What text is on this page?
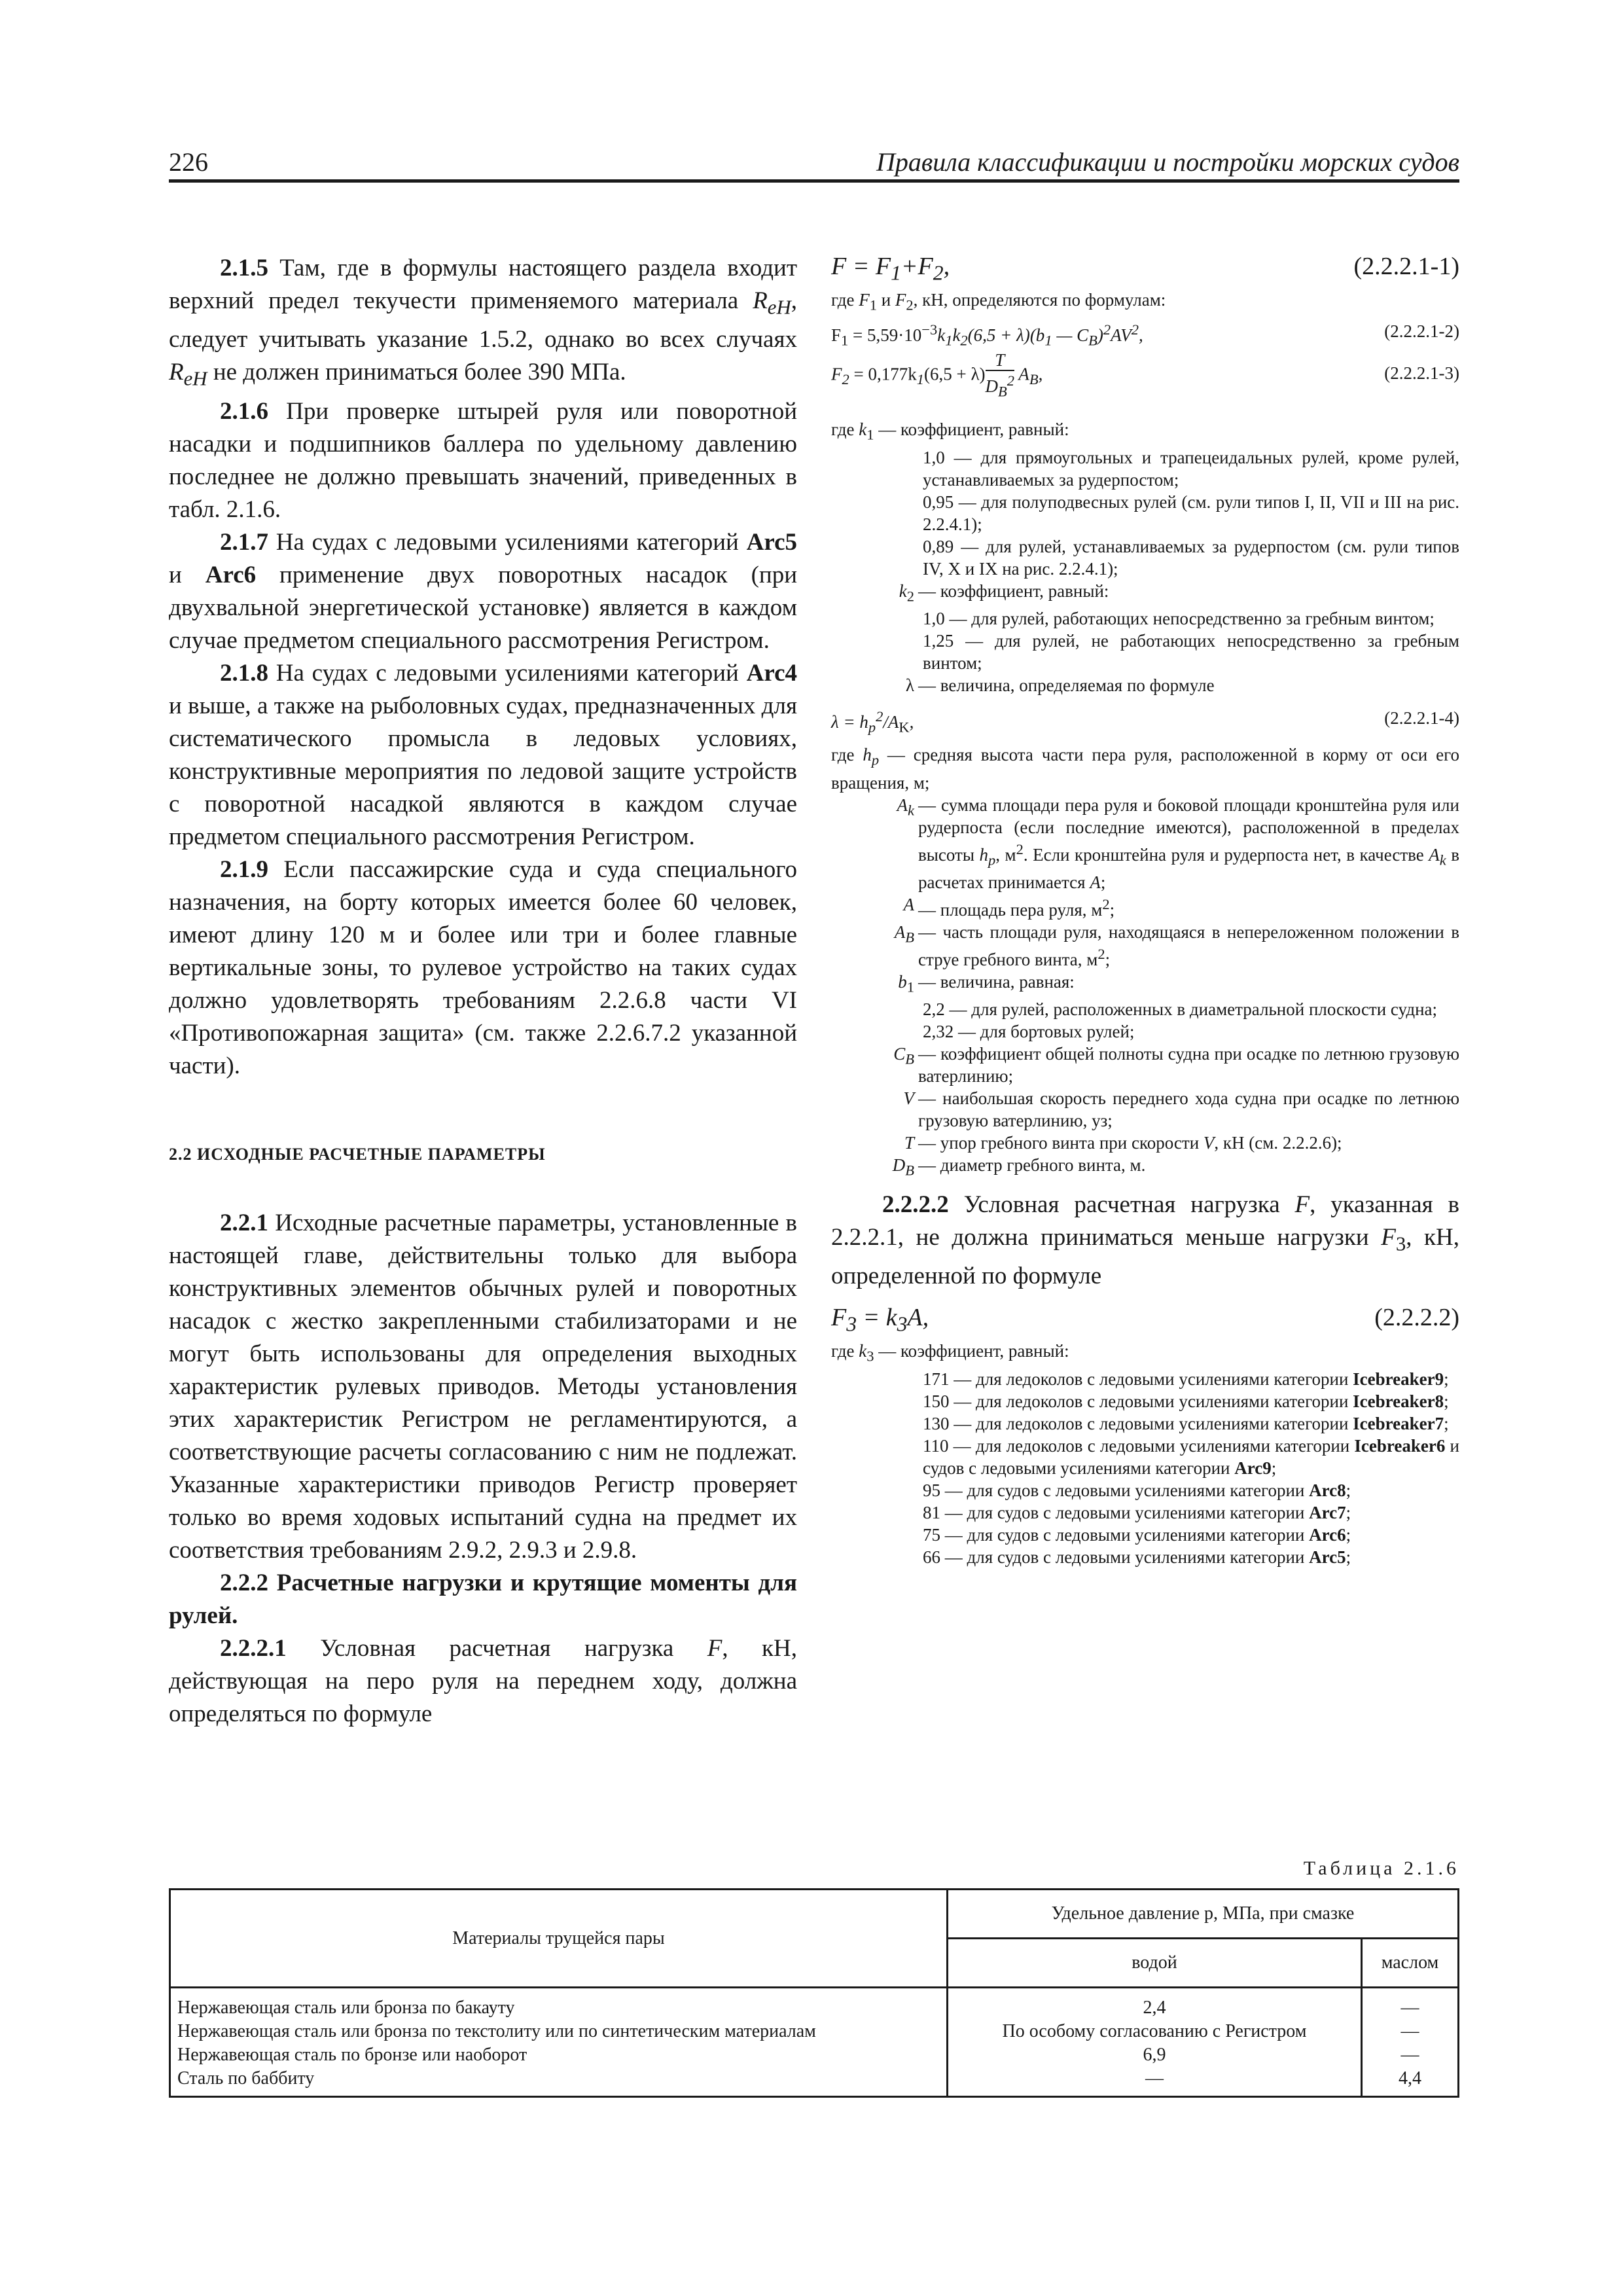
226	Правила классификации и постройки морских судов

2.1.5 Там, где в формулы настоящего раздела входит верхний предел текучести применяемого материала $R_{eH}$, следует учитывать указание 1.5.2, однако во всех случаях $R_{eH}$ не должен приниматься более 390 МПа.

2.1.6 При проверке штырей руля или поворотной насадки и подшипников баллера по удельному давлению последнее не должно превышать значений, приведенных в табл. 2.1.6.

2.1.7 На судах с ледовыми усилениями категорий Arc5 и Arc6 применение двух поворотных насадок (при двухвальной энергетической установке) является в каждом случае предметом специального рассмотрения Регистром.

2.1.8 На судах с ледовыми усилениями категорий Arc4 и выше, а также на рыболовных судах, предназначенных для систематического промысла в ледовых условиях, конструктивные мероприятия по ледовой защите устройств с поворотной насадкой являются в каждом случае предметом специального рассмотрения Регистром.

2.1.9 Если пассажирские суда и суда специального назначения, на борту которых имеется более 60 человек, имеют длину 120 м и более или три и более главные вертикальные зоны, то рулевое устройство на таких судах должно удовлетворять требованиям 2.2.6.8 части VI «Противопожарная защита» (см. также 2.2.6.7.2 указанной части).

2.2 ИСХОДНЫЕ РАСЧЕТНЫЕ ПАРАМЕТРЫ

2.2.1 Исходные расчетные параметры, установленные в настоящей главе, действительны только для выбора конструктивных элементов обычных рулей и поворотных насадок с жестко закрепленными стабилизаторами и не могут быть использованы для определения выходных характеристик рулевых приводов. Методы установления этих характеристик Регистром не регламентируются, а соответствующие расчеты согласованию с ним не подлежат. Указанные характеристики приводов Регистр проверяет только во время ходовых испытаний судна на предмет их соответствия требованиям 2.9.2, 2.9.3 и 2.9.8.

2.2.2 Расчетные нагрузки и крутящие моменты для рулей.

2.2.2.1 Условная расчетная нагрузка F, кН, действующая на перо руля на переднем ходу, должна определяться по формуле

$F = F_1+F_2$,	(2.2.2.1-1)

где $F_1$ и $F_2$, кН, определяются по формулам:

$F_1 = 5,59\cdot 10^{-3}k_1k_2(6,5 + \lambda)(b_1$ — $C_B)^2AV^2$,	(2.2.2.1-2)
$F_2 = 0,177k_1(6,5 + \lambda) \frac{T}{D_B^2} A_B$,	(2.2.2.1-3)

где $k_1$ — коэффициент, равный:

1,0 — для прямоугольных и трапецеидальных рулей, кроме рулей, устанавливаемых за рудерпостом;

0,95 — для полуподвесных рулей (см. рули типов I, II, VII и III на рис. 2.2.4.1);

0,89 — для рулей, устанавливаемых за рудерпостом (см. рули типов IV, X и IX на рис. 2.2.4.1);

$k_2$ — коэффициент, равный:

1,0 — для рулей, работающих непосредственно за гребным винтом;

1,25 — для рулей, не работающих непосредственно за гребным винтом;

λ — величина, определяемая по формуле
$\lambda = h_p^2/A_K$,	(2.2.2.1-4)

где $h_p$ — средняя высота части пера руля, расположенной в корму от оси его вращения, м;

$A_k$ — сумма площади пера руля и боковой площади кронштейна руля или рудерпоста (если последние имеются), расположенной в пределах высоты $h_p$, $м^2$. Если кронштейна руля и рудерпоста нет, в качестве $A_k$ в расчетах принимается A;
A — площадь пера руля, $м^2$;
$A_B$ — часть площади руля, находящаяся в непереложенном положении в струе гребного винта, $м^2$;
$b_1$ — величина, равная:

2,2 — для рулей, расположенных в диаметральной плоскости судна;

2,32 — для бортовых рулей;

$C_B$ — коэффициент общей полноты судна при осадке по летнюю грузовую ватерлинию;
V — наибольшая скорость переднего хода судна при осадке по летнюю грузовую ватерлинию, уз;
T — упор гребного винта при скорости V, кН (см. 2.2.2.6);
$D_B$ — диаметр гребного винта, м.

2.2.2.2 Условная расчетная нагрузка F, указанная в 2.2.2.1, не должна приниматься меньше нагрузки $F_3$, кН, определенной по формуле

$F_3 = k_3A$,	(2.2.2.2)

где $k_3$ — коэффициент, равный:

171 — для ледоколов с ледовыми усилениями категории Icebreaker9;

150 — для ледоколов с ледовыми усилениями категории Icebreaker8;

130 — для ледоколов с ледовыми усилениями категории Icebreaker7;

110 — для ледоколов с ледовыми усилениями категории Icebreaker6 и судов с ледовыми усилениями категории Arc9;

95 — для судов с ледовыми усилениями категории Arc8;

81 — для судов с ледовыми усилениями категории Arc7;

75 — для судов с ледовыми усилениями категории Arc6;

66 — для судов с ледовыми усилениями категории Arc5;

Таблица 2.1.6
Материалы трущейся пары	Удельное давление p, МПа, при смазке	
	водой	маслом
Нержавеющая сталь или бронза по бакауту	2,4	—
Нержавеющая сталь или бронза по текстолиту или по синтетическим материалам	По особому согласованию с Регистром	—
Нержавеющая сталь по бронзе или наоборот	6,9	—
Сталь по баббиту	—	4,4
